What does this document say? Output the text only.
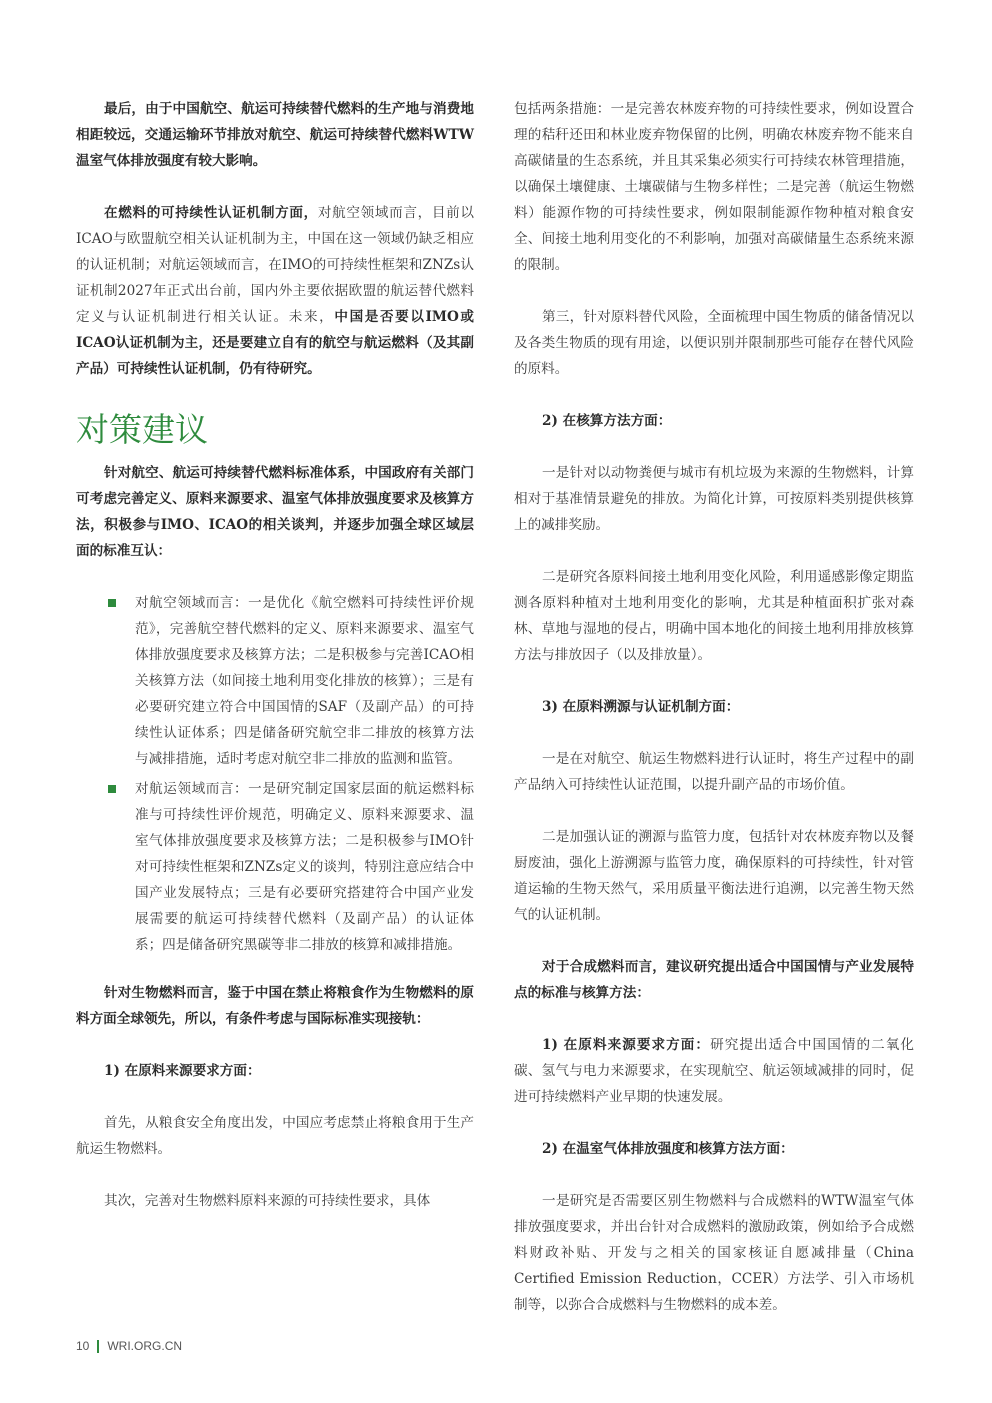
最后，由于中国航空、航运可持续替代燃料的生产地与消费地相距较远，交通运输环节排放对航空、航运可持续替代燃料WTW温室气体排放强度有较大影响。

在燃料的可持续性认证机制方面，对航空领域而言，目前以ICAO与欧盟航空相关认证机制为主，中国在这一领域仍缺乏相应的认证机制；对航运领域而言，在IMO的可持续性框架和ZNZs认证机制2027年正式出台前，国内外主要依据欧盟的航运替代燃料定义与认证机制进行相关认证。未来，中国是否要以IMO或ICAO认证机制为主，还是要建立自有的航空与航运燃料（及其副产品）可持续性认证机制，仍有待研究。

对策建议

针对航空、航运可持续替代燃料标准体系，中国政府有关部门可考虑完善定义、原料来源要求、温室气体排放强度要求及核算方法，积极参与IMO、ICAO的相关谈判，并逐步加强全球区域层面的标准互认：

对航空领域而言：一是优化《航空燃料可持续性评价规范》，完善航空替代燃料的定义、原料来源要求、温室气体排放强度要求及核算方法；二是积极参与完善ICAO相关核算方法（如间接土地利用变化排放的核算）；三是有必要研究建立符合中国国情的SAF（及副产品）的可持续性认证体系；四是储备研究航空非二排放的核算方法与减排措施，适时考虑对航空非二排放的监测和监管。
对航运领域而言：一是研究制定国家层面的航运燃料标准与可持续性评价规范，明确定义、原料来源要求、温室气体排放强度要求及核算方法；二是积极参与IMO针对可持续性框架和ZNZs定义的谈判，特别注意应结合中国产业发展特点；三是有必要研究搭建符合中国产业发展需要的航运可持续替代燃料（及副产品）的认证体系；四是储备研究黑碳等非二排放的核算和减排措施。

针对生物燃料而言，鉴于中国在禁止将粮食作为生物燃料的原料方面全球领先，所以，有条件考虑与国际标准实现接轨：

1) 在原料来源要求方面：

首先，从粮食安全角度出发，中国应考虑禁止将粮食用于生产航运生物燃料。

其次，完善对生物燃料原料来源的可持续性要求，具体

包括两条措施：一是完善农林废弃物的可持续性要求，例如设置合理的秸秆还田和林业废弃物保留的比例，明确农林废弃物不能来自高碳储量的生态系统，并且其采集必须实行可持续农林管理措施，以确保土壤健康、土壤碳储与生物多样性；二是完善（航运生物燃料）能源作物的可持续性要求，例如限制能源作物种植对粮食安全、间接土地利用变化的不利影响，加强对高碳储量生态系统来源的限制。

第三，针对原料替代风险，全面梳理中国生物质的储备情况以及各类生物质的现有用途，以便识别并限制那些可能存在替代风险的原料。

2) 在核算方法方面：

一是针对以动物粪便与城市有机垃圾为来源的生物燃料，计算相对于基准情景避免的排放。为简化计算，可按原料类别提供核算上的减排奖励。

二是研究各原料间接土地利用变化风险，利用遥感影像定期监测各原料种植对土地利用变化的影响，尤其是种植面积扩张对森林、草地与湿地的侵占，明确中国本地化的间接土地利用排放核算方法与排放因子（以及排放量）。

3) 在原料溯源与认证机制方面：

一是在对航空、航运生物燃料进行认证时，将生产过程中的副产品纳入可持续性认证范围，以提升副产品的市场价值。

二是加强认证的溯源与监管力度，包括针对农林废弃物以及餐厨废油，强化上游溯源与监管力度，确保原料的可持续性，针对管道运输的生物天然气，采用质量平衡法进行追溯，以完善生物天然气的认证机制。

对于合成燃料而言，建议研究提出适合中国国情与产业发展特点的标准与核算方法：

1) 在原料来源要求方面：研究提出适合中国国情的二氧化碳、氢气与电力来源要求，在实现航空、航运领域减排的同时，促进可持续燃料产业早期的快速发展。

2) 在温室气体排放强度和核算方法方面：

一是研究是否需要区别生物燃料与合成燃料的WTW温室气体排放强度要求，并出台针对合成燃料的激励政策，例如给予合成燃料财政补贴、开发与之相关的国家核证自愿减排量（China Certified Emission Reduction，CCER）方法学、引入市场机制等，以弥合合成燃料与生物燃料的成本差。

10 WRI.ORG.CN
